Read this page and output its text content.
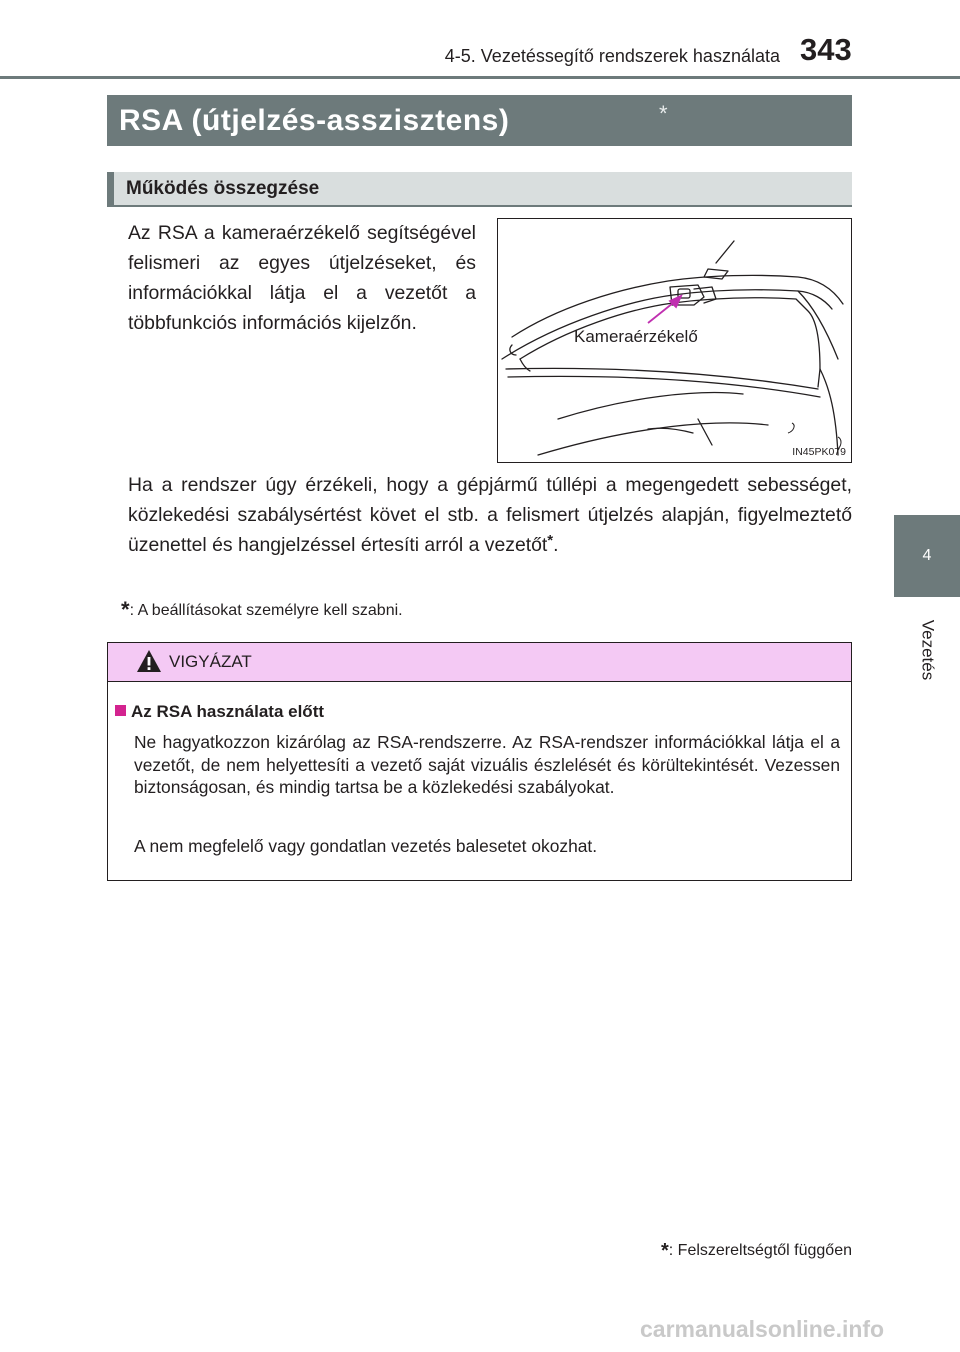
4-5. Vezetéssegítő rendszerek használata 343
4
Vezetés
RSA (útjelzés-asszisztens)	*
Működés összegzése
Az RSA a kameraérzékelő segítségével felismeri az egyes útjelzéseket, és információkkal látja el a vezetőt a többfunkciós információs kijelzőn.
Kameraérzékelő
IN45PK079
Ha a rendszer úgy érzékeli, hogy a gépjármű túllépi a megengedett sebességet, közlekedési szabálysértést követ el stb. a felismert útjelzés alapján, figyelmeztető üzenettel és hangjelzéssel értesíti arról a vezetőt*.
*: A beállításokat személyre kell szabni.
VIGYÁZAT
Az RSA használata előtt
Ne hagyatkozzon kizárólag az RSA-rendszerre. Az RSA-rendszer információkkal látja el a vezetőt, de nem helyettesíti a vezető saját vizuális észlelését és körültekintését. Vezessen biztonságosan, és mindig tartsa be a közlekedési szabályokat.
A nem megfelelő vagy gondatlan vezetés balesetet okozhat.
*: Felszereltségtől függően
carmanualsonline.info
